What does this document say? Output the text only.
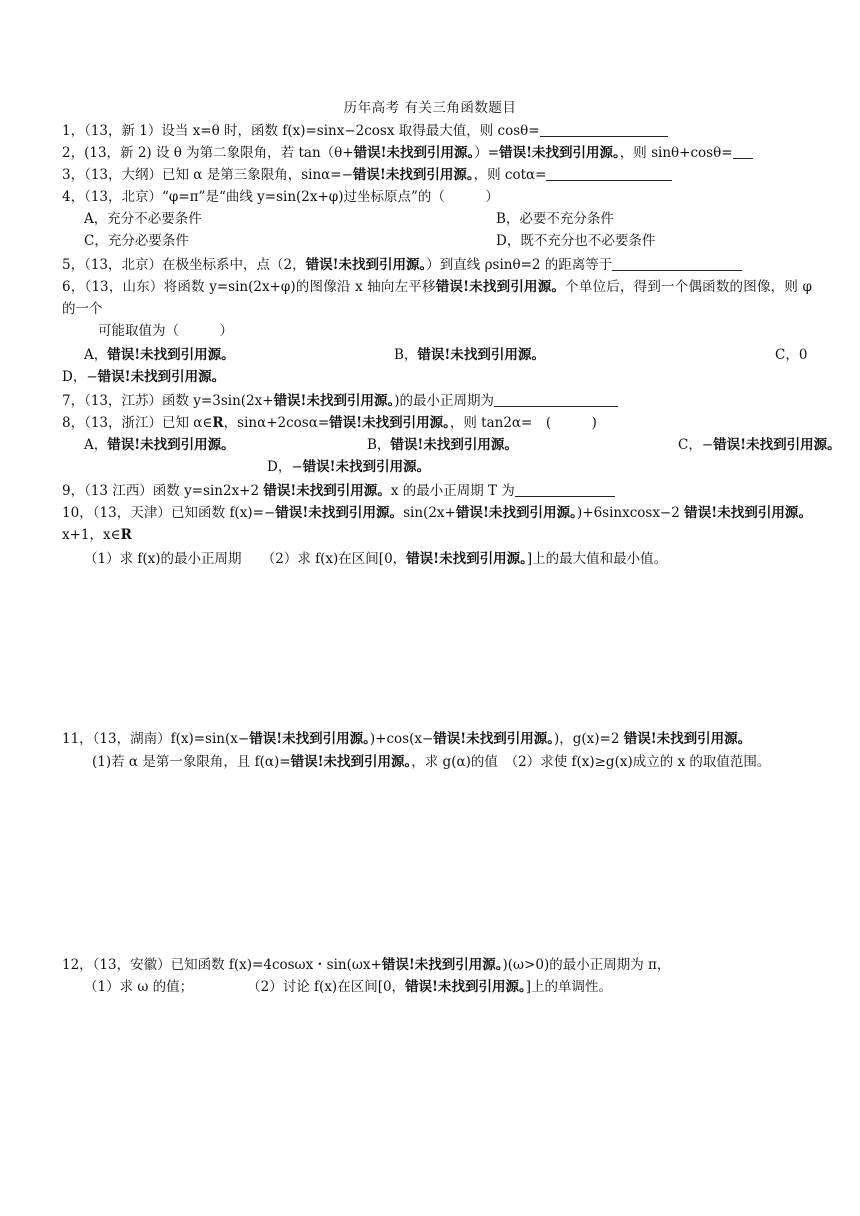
历年高考 有关三角函数题目
1，（13，新 1）设当 x=θ 时，函数 f(x)=sinx−2cosx 取得最大值，则 cosθ=
2，(13，新 2) 设 θ 为第二象限角，若 tan（θ+错误!未找到引用源。）=错误!未找到引用源。，则 sinθ+cosθ=
3，（13，大纲）已知 α 是第三象限角，sinα=−错误!未找到引用源。，则 cotα=
4，（13，北京）“φ=π”是“曲线 y=sin(2x+φ)过坐标原点”的（　　　）
A，充分不必要条件	B，必要不充分条件
C，充分必要条件	D，既不充分也不必要条件
5，（13，北京）在极坐标系中，点（2，错误!未找到引用源。）到直线 ρsinθ=2 的距离等于
6，（13，山东）将函数 y=sin(2x+φ)的图像沿 x 轴向左平移错误!未找到引用源。个单位后，得到一个偶函数的图像，则 φ 的一个
可能取值为（　　　）
A，错误!未找到引用源。	B，错误!未找到引用源。	C，0
D，−错误!未找到引用源。
7，（13，江苏）函数 y=3sin(2x+错误!未找到引用源。)的最小正周期为
8，（13，浙江）已知 α∈R，sinα+2cosα=错误!未找到引用源。，则 tan2α=　(　　　)
A，错误!未找到引用源。	B，错误!未找到引用源。	C，−错误!未找到引用源。
D，−错误!未找到引用源。
9，（13 江西）函数 y=sin2x+2 错误!未找到引用源。x 的最小正周期 T 为
10，（13，天津）已知函数 f(x)=−错误!未找到引用源。sin(2x+错误!未找到引用源。)+6sinxcosx−2 错误!未找到引用源。x+1，x∈R
（1）求 f(x)的最小正周期　　（2）求 f(x)在区间[0，错误!未找到引用源。]上的最大值和最小值。
11，（13，湖南）f(x)=sin(x−错误!未找到引用源。)+cos(x−错误!未找到引用源。)，g(x)=2 错误!未找到引用源。
(1)若 α 是第一象限角，且 f(α)=错误!未找到引用源。，求 g(α)的值　（2）求使 f(x)≥g(x)成立的 x 的取值范围。
12，（13，安徽）已知函数 f(x)=4cosωx・sin(ωx+错误!未找到引用源。)(ω>0)的最小正周期为 π，
（1）求 ω 的值；　　　　　（2）讨论 f(x)在区间[0，错误!未找到引用源。]上的单调性。
